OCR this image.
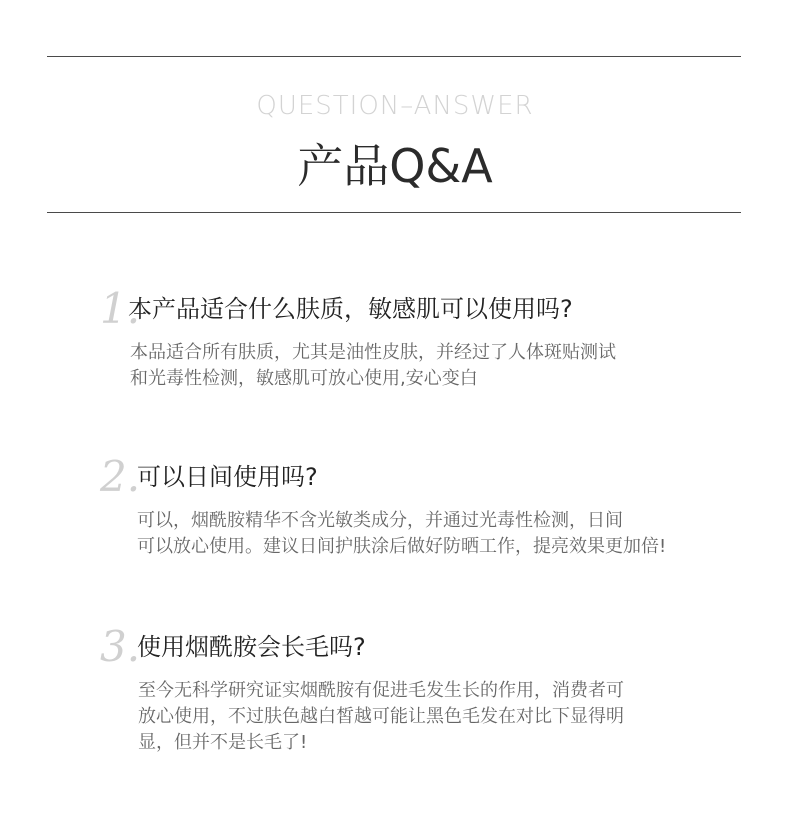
QUESTION–ANSWER
产品Q&A
1.
本产品适合什么肤质，敏感肌可以使用吗?
本品适合所有肤质，尤其是油性皮肤，并经过了人体斑贴测试
和光毒性检测，敏感肌可放心使用,安心变白
2.
可以日间使用吗?
可以，烟酰胺精华不含光敏类成分，并通过光毒性检测，日间
可以放心使用。建议日间护肤涂后做好防晒工作，提亮效果更加倍!
3.
使用烟酰胺会长毛吗?
至今无科学研究证实烟酰胺有促进毛发生长的作用，消费者可
放心使用，不过肤色越白皙越可能让黑色毛发在对比下显得明
显，但并不是长毛了!
